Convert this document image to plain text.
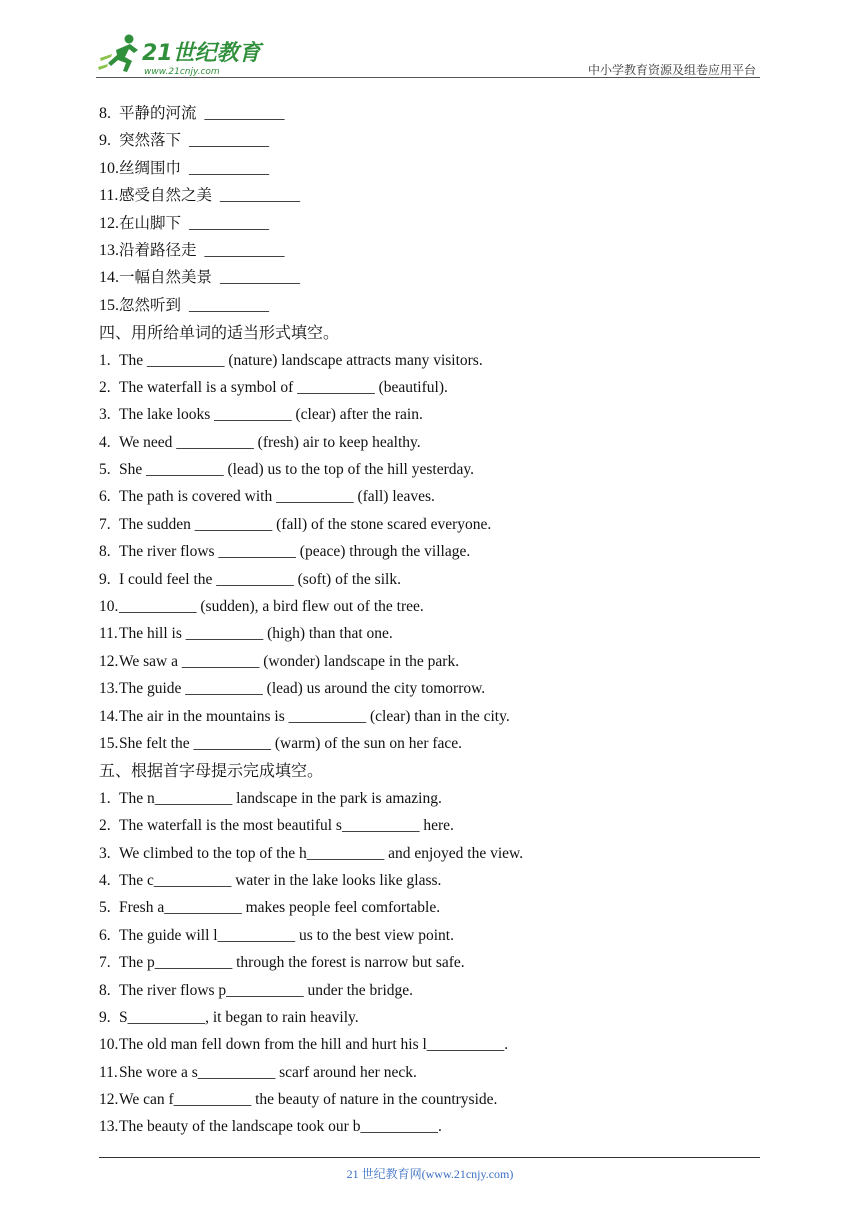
21世纪教育
www.21cnjy.com	中小学教育资源及组卷应用平台
8. 平静的河流 __________
9. 突然落下 __________
10.丝绸围巾 __________
11.感受自然之美 __________
12.在山脚下 __________
13.沿着路径走 __________
14.一幅自然美景 __________
15.忽然听到 __________
四、用所给单词的适当形式填空。
1. The __________ (nature) landscape attracts many visitors.
2. The waterfall is a symbol of __________ (beautiful).
3. The lake looks __________ (clear) after the rain.
4. We need __________ (fresh) air to keep healthy.
5. She __________ (lead) us to the top of the hill yesterday.
6. The path is covered with __________ (fall) leaves.
7. The sudden __________ (fall) of the stone scared everyone.
8. The river flows __________ (peace) through the village.
9. I could feel the __________ (soft) of the silk.
10.__________ (sudden), a bird flew out of the tree.
11.The hill is __________ (high) than that one.
12.We saw a __________ (wonder) landscape in the park.
13.The guide __________ (lead) us around the city tomorrow.
14.The air in the mountains is __________ (clear) than in the city.
15.She felt the __________ (warm) of the sun on her face.
五、根据首字母提示完成填空。
1. The n__________ landscape in the park is amazing.
2. The waterfall is the most beautiful s__________ here.
3. We climbed to the top of the h__________ and enjoyed the view.
4. The c__________ water in the lake looks like glass.
5. Fresh a__________ makes people feel comfortable.
6. The guide will l__________ us to the best view point.
7. The p__________ through the forest is narrow but safe.
8. The river flows p__________ under the bridge.
9. S__________, it began to rain heavily.
10.The old man fell down from the hill and hurt his l__________.
11.She wore a s__________ scarf around her neck.
12.We can f__________ the beauty of nature in the countryside.
13.The beauty of the landscape took our b__________.
21 世纪教育网(www.21cnjy.com)
